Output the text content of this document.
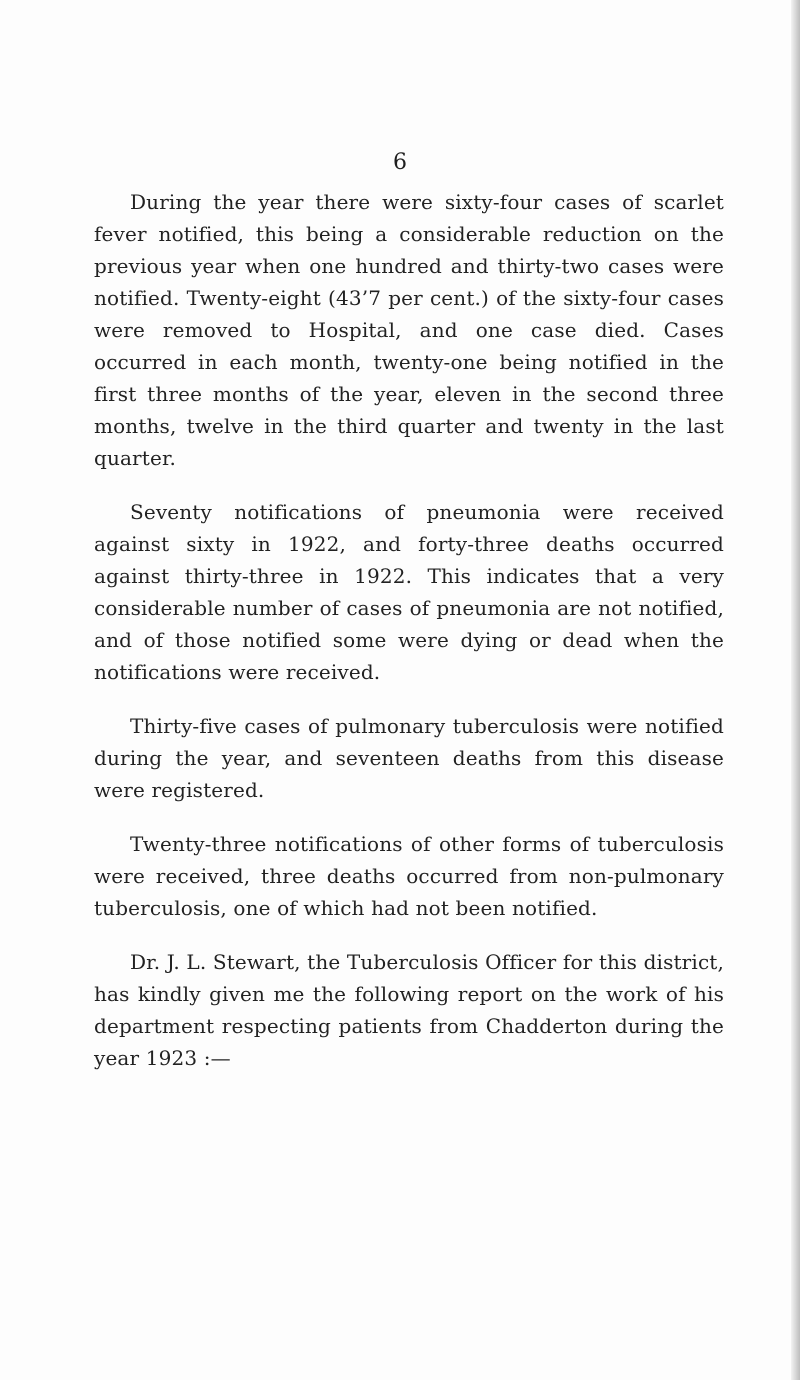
6

During the year there were sixty-four cases of scarlet fever notified, this being a considerable reduction on the previous year when one hundred and thirty-two cases were notified. Twenty-eight (43’7 per cent.) of the sixty-four cases were removed to Hospital, and one case died. Cases occurred in each month, twenty-one being notified in the first three months of the year, eleven in the second three months, twelve in the third quarter and twenty in the last quarter.

Seventy notifications of pneumonia were received against sixty in 1922, and forty-three deaths occurred against thirty-three in 1922. This indicates that a very considerable number of cases of pneumonia are not notified, and of those notified some were dying or dead when the notifications were received.

Thirty-five cases of pulmonary tuberculosis were notified during the year, and seventeen deaths from this disease were registered.

Twenty-three notifications of other forms of tuberculosis were received, three deaths occurred from non-pulmonary tuberculosis, one of which had not been notified.

Dr. J. L. Stewart, the Tuberculosis Officer for this district, has kindly given me the following report on the work of his department respecting patients from Chadderton during the year 1923 :—
